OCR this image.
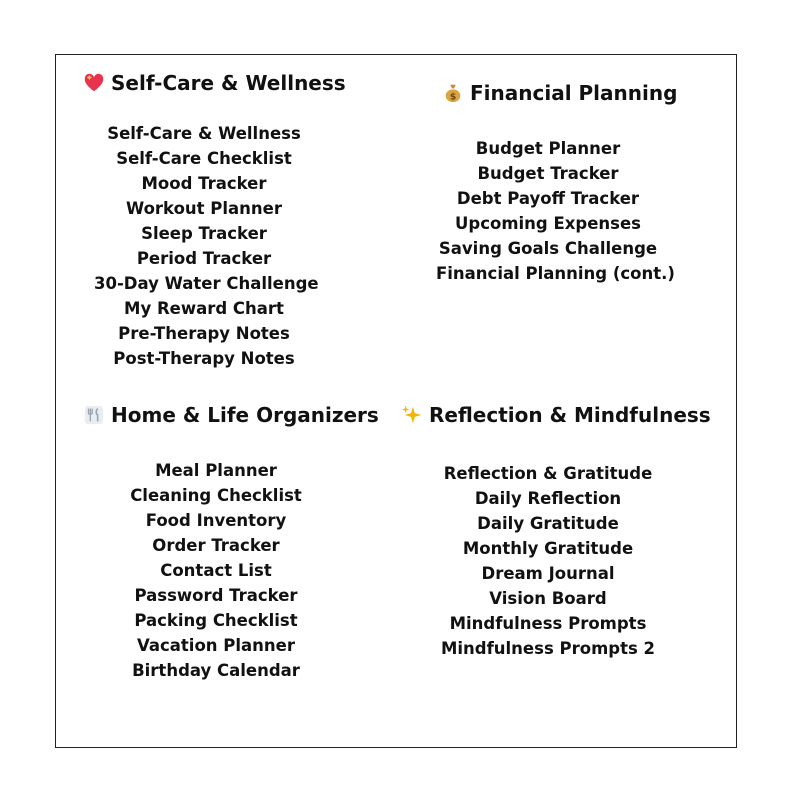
Self-Care & Wellness
Self-Care & Wellness
Self-Care Checklist
Mood Tracker
Workout Planner
Sleep Tracker
Period Tracker
30-Day Water Challenge
My Reward Chart
Pre-Therapy Notes
Post-Therapy Notes
$ Financial Planning
Budget Planner
Budget Tracker
Debt Payoff Tracker
Upcoming Expenses
Saving Goals Challenge
Financial Planning (cont.)
Home & Life Organizers
Meal Planner
Cleaning Checklist
Food Inventory
Order Tracker
Contact List
Password Tracker
Packing Checklist
Vacation Planner
Birthday Calendar
Reflection & Mindfulness
Reflection & Gratitude
Daily Reflection
Daily Gratitude
Monthly Gratitude
Dream Journal
Vision Board
Mindfulness Prompts
Mindfulness Prompts 2
